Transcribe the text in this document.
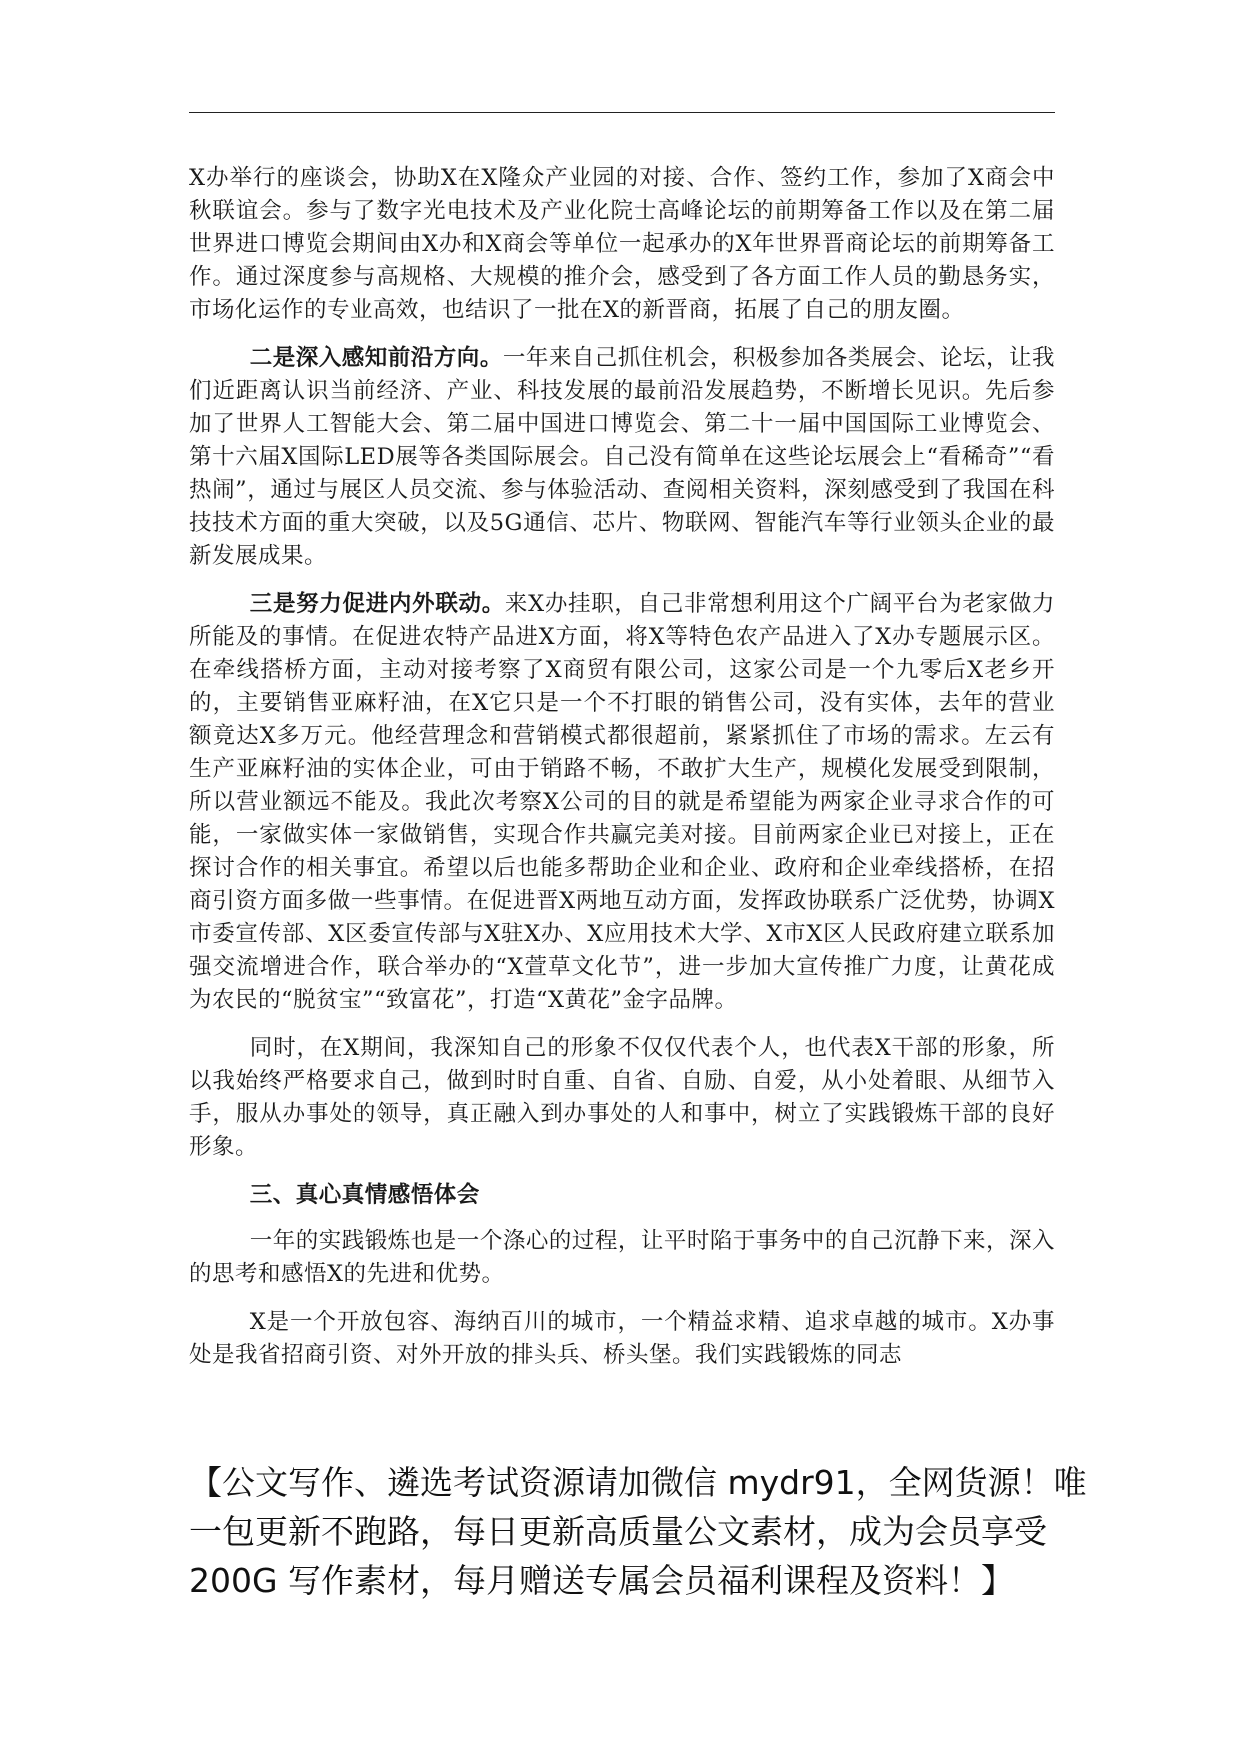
X办举行的座谈会，协助X在X隆众产业园的对接、合作、签约工作，参加了X商会中秋联谊会。参与了数字光电技术及产业化院士高峰论坛的前期筹备工作以及在第二届世界进口博览会期间由X办和X商会等单位一起承办的X年世界晋商论坛的前期筹备工作。通过深度参与高规格、大规模的推介会，感受到了各方面工作人员的勤恳务实，市场化运作的专业高效，也结识了一批在X的新晋商，拓展了自己的朋友圈。

二是深入感知前沿方向。一年来自己抓住机会，积极参加各类展会、论坛，让我们近距离认识当前经济、产业、科技发展的最前沿发展趋势，不断增长见识。先后参加了世界人工智能大会、第二届中国进口博览会、第二十一届中国国际工业博览会、第十六届X国际LED展等各类国际展会。自己没有简单在这些论坛展会上“看稀奇”“看热闹”，通过与展区人员交流、参与体验活动、查阅相关资料，深刻感受到了我国在科技技术方面的重大突破，以及5G通信、芯片、物联网、智能汽车等行业领头企业的最新发展成果。

三是努力促进内外联动。来X办挂职，自己非常想利用这个广阔平台为老家做力所能及的事情。在促进农特产品进X方面，将X等特色农产品进入了X办专题展示区。在牵线搭桥方面，主动对接考察了X商贸有限公司，这家公司是一个九零后X老乡开的，主要销售亚麻籽油，在X它只是一个不打眼的销售公司，没有实体，去年的营业额竟达X多万元。他经营理念和营销模式都很超前，紧紧抓住了市场的需求。左云有生产亚麻籽油的实体企业，可由于销路不畅，不敢扩大生产，规模化发展受到限制，所以营业额远不能及。我此次考察X公司的目的就是希望能为两家企业寻求合作的可能，一家做实体一家做销售，实现合作共赢完美对接。目前两家企业已对接上，正在探讨合作的相关事宜。希望以后也能多帮助企业和企业、政府和企业牵线搭桥，在招商引资方面多做一些事情。在促进晋X两地互动方面，发挥政协联系广泛优势，协调X市委宣传部、X区委宣传部与X驻X办、X应用技术大学、X市X区人民政府建立联系加强交流增进合作，联合举办的“X萱草文化节”，进一步加大宣传推广力度，让黄花成为农民的“脱贫宝”“致富花”，打造“X黄花”金字品牌。

同时，在X期间，我深知自己的形象不仅仅代表个人，也代表X干部的形象，所以我始终严格要求自己，做到时时自重、自省、自励、自爱，从小处着眼、从细节入手，服从办事处的领导，真正融入到办事处的人和事中，树立了实践锻炼干部的良好形象。

三、真心真情感悟体会

一年的实践锻炼也是一个涤心的过程，让平时陷于事务中的自己沉静下来，深入的思考和感悟X的先进和优势。

X是一个开放包容、海纳百川的城市，一个精益求精、追求卓越的城市。X办事处是我省招商引资、对外开放的排头兵、桥头堡。我们实践锻炼的同志

【公文写作、遴选考试资源请加微信 mydr91，全网货源！唯一包更新不跑路，每日更新高质量公文素材，成为会员享受 200G 写作素材，每月赠送专属会员福利课程及资料！】
